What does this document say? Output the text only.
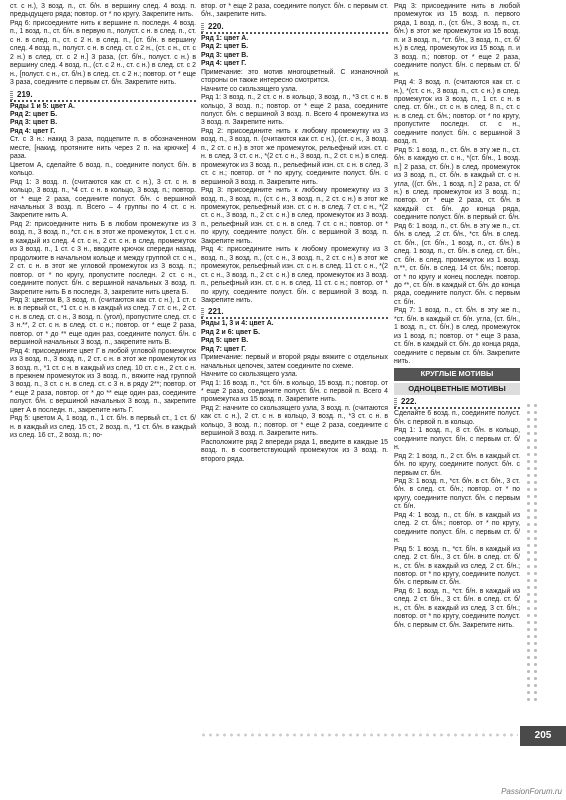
ст. с н.), 3 возд. п., ст. б/н. в вершину след. 4 возд. п. предыдущего ряда; повтор. от * по кругу. Закрепите нить.

Ряд 6: присоедините нить к вершине п. последн. 4 возд. п., 1 возд. п., ст. б/н. в первую п., полуст. с н. в след. п., ст. с н. в след. п., ст. с 2 н. в след. п., [ст. б/н. в вершину след. 4 возд. п., полуст. с н. в след. ст. с 2 н., (ст. с н., ст. с 2 н.) в след. ст. с 2 н.] 3 раза, (ст. б/н., полуст. с н.) в вершину след. 4 возд. п., (ст. с 2 н., ст. с н.) в след. ст. с 2 н., [полуст. с н., ст. б/н.) в след. ст. с 2 н.; повтор. от * еще 3 раза, соедините с первым ст. б/н. Закрепите нить.

219.

Ряды 1 и 5: цвет А.

Ряд 2: цвет Б.

Ряд 3: цвет В.

Ряд 4: цвет Г.

Ст. с 3 н.: накид 3 раза, подцепите п. в обозначенном месте, [накид, протяните нить через 2 п. на крючке] 4 раза.

Цветом А, сделайте 6 возд. п., соедините полуст. б/н. в кольцо.

Ряд 1: 3 возд. п. (считаются как ст. с н.), 3 ст. с н. в кольцо, 3 возд. п., *4 ст. с н. в кольцо, 3 возд. п.; повтор. от * еще 2 раза, соедините полуст. б/н. с вершиной начальных 3 возд. п. Всего – 4 группы по 4 ст. с н. Закрепите нить А.

Ряд 2: присоедините нить Б в любом промежутке из 3 возд. п., 3 возд. п., *ст. с н. в этот же промежуток, 1 ст. с н. в каждый из след. 4 ст. с н., 2 ст. с н. в след. промежуток из 3 возд. п., 1 ст. с 3 н., вводите крючок спереди назад, продолжите в начальном кольце и между группой ст. с н., 2 ст. с н. в этот же угловой промежуток из 3 возд. п.; повтор. от * по кругу, пропустите последн. 2 ст. с н., соедините полуст. б/н. с вершиной начальных 3 возд. п. Закрепите нить Б в последн. 3, закрепите нить цвета Б.

Ряд 3: цветом В, 3 возд. п. (считаются как ст. с н.), 1 ст. с н. в первый ст., *1 ст. с н. в каждый из след. 7 ст. с н., 2 ст. с н. в след. ст. с н., 3 возд. п. (угол), пропустите след. ст. с 3 н.**, 2 ст. с н. в след. ст. с н.; повтор. от * еще 2 раза, повтор. от * до ** еще один раз, соедините полуст. б/н. с вершиной начальных 3 возд. п., закрепите нить В.

Ряд 4: присоедините цвет Г в любой угловой промежуток из 3 возд. п., 3 возд. п., 2 ст. с н. в этот же промежуток из 3 возд. п., *1 ст. с н. в каждый из след. 10 ст. с н., 2 ст. с н. в прежнем промежуток из 3 возд. п., вяжите над группой 3 возд. п., 3 ст. с н. в след. ст. с 3 н. в ряду 2**; повтор. от * еще 2 раза, повтор. от * до ** еще один раз, соедините полуст. б/н. с вершиной начальных 3 возд. п., закрепите цвет А в последн. п., закрепите нить Г.

Ряд 5: цветом А, 1 возд. п., 1 ст. б/н. в первый ст., 1 ст. б/н. в каждый из след. 15 ст., 2 возд. п., *1 ст. б/н. в каждый из след. 16 ст., 2 возд. п.; по-

втор. от * еще 2 раза, соедините полуст. б/н. с первым ст. б/н., закрепите нить.

220.

Ряд 1: цвет А.

Ряд 2: цвет Б.

Ряд 3: цвет В.

Ряд 4: цвет Г.

Примечание: это мотив многоцветный. С изнаночной стороны он также интересно смотрится.

Начните со скользящего узла.

Ряд 1: 3 возд. п., 2 ст. с н. в кольцо, 3 возд. п., *3 ст. с н. в кольцо, 3 возд. п.; повтор. от * еще 2 раза, соедините полуст. б/н. с вершиной 3 возд. п. Всего 4 промежутка из 3 возд. п. Закрепите нить.

Ряд 2: присоедините нить к любому промежутку из 3 возд. п., 3 возд. п. (считаются как ст. с н.), (ст. с н., 3 возд. п., 2 ст. с н.) в этот же промежуток, рельефный изн. ст. с н. в след. 3 ст. с н., *(2 ст. с н., 3 возд. п., 2 ст. с н.) в след. промежуток из 3 возд. п., рельефный изн. ст. с н. в след. 3 ст. с н.; повтор. от * по кругу, соедините полуст. б/н. с вершиной 3 возд. п. Закрепите нить.

Ряд 3: присоедините нить к любому промежутку из 3 возд. п., 3 возд. п., (ст. с н., 3 возд. п., 2 ст. с н.) в этот же промежуток, рельефный изн. ст. с н. в след. 7 ст. с н., *(2 ст. с н., 3 возд. п., 2 ст. с н.) в след. промежуток из 3 возд. п., рельефный изн. ст. с н. в след. 7 ст. с н.; повтор. от * по кругу, соедините полуст. б/н. с вершиной 3 возд. п. Закрепите нить.

Ряд 4: присоедините нить к любому промежутку из 3 возд. п., 3 возд. п., (ст. с н., 3 возд. п., 2 ст. с н.) в этот же промежуток, рельефный изн. ст. с н. в след. 11 ст. с н., *(2 ст. с н., 3 возд. п., 2 ст. с н.) в след. промежуток из 3 возд. п., рельефный изн. ст. с н. в след. 11 ст. с н.; повтор. от * по кругу, соедините полуст. б/н. с вершиной 3 возд. п. Закрепите нить.

221.

Ряды 1, 3 и 4: цвет А.

Ряд 2 и 6: цвет Б.

Ряд 5: цвет В.

Ряд 7: цвет Г.

Примечание: первый и второй ряды вяжите с отдельных начальных цепочек, затем соедините по схеме.

Начните со скользящего узла.

Ряд 1: 16 возд. п., *ст. б/н. в кольцо, 15 возд. п.; повтор. от * еще 2 раза, соедините полуст. б/н. с первой п. Всего 4 промежутка из 15 возд. п. Закрепите нить.

Ряд 2: начните со скользящего узла, 3 возд. п. (считаются как ст. с н.), 2 ст. с н. в кольцо, 3 возд. п., *3 ст. с н. в кольцо, 3 возд. п.; повтор. от * еще 2 раза, соедините с вершиной 3 возд. п. Закрепите нить.

Расположите ряд 2 впереди ряда 1, введите в каждые 15 возд. п. в соответствующий промежуток из 3 возд. п. второго ряда.

Ряд 3: присоедините нить в любой промежуток из 15 возд. п. первого ряда, 1 возд. п., (ст. б/н., 3 возд. п., ст. б/н.) в этот же промежуток из 15 возд. п. и 3 возд. п., *ст. б/н., 3 возд. п., ст. б/н.) в след. промежуток из 15 возд. п. и 3 возд. п.; повтор. от * еще 2 раза, соедините полуст. б/н. с первым ст. б/н.

Ряд 4: 3 возд. п. (считаются как ст. с н.), *(ст. с н., 3 возд. п., ст. с н.) в след. промежуток из 3 возд. п., 1 ст. с н. в след. ст. б/н., ст. с н. в след. 8 п., ст. с н. в след. ст. б/н.; повтор. от * по кругу, пропустите последн. ст. с н., соедините полуст. б/н. с вершиной 3 возд. п.

Ряд 5: 1 возд. п., ст. б/н. в эту же п., ст. б/н. в каждую ст. с н., *(ст. б/н., 1 возд. п.] 2 раза, ст. б/н.) в след. промежуток из 3 возд. п., ст. б/н. в каждый ст. с н. угла, ((ст. б/н., 1 возд. п.] 2 раза, ст. б/н.) в след. промежуток из 3 возд. п.; повтор. от * еще 2 раза, ст. б/н. в каждый ст. б/н. до конца ряда, соедините полуст. б/н. в первый ст. б/н.

Ряд 6: 1 возд. п., ст. б/н. в эту же п., ст. б/н. в след. .2 ст. б/н., *ст. б/н. в след. ст. б/н., (ст. б/н., 1 возд. п., ст. б/н.) в след. 1 возд. п., ст. б/н. в след. ст. б/н., ст. б/н. в след. промежуток из 1 возд. п.**, ст. б/н. в след. 14 ст. б/н.; повтор. от * по кругу и конец последн. повтор. до **, ст. б/н. в каждый ст. б/н. до конца ряда, соедините полуст. б/н. с первым ст. б/н.

Ряд 7: 1 возд. п., ст. б/н. в эту же п., *ст. б/н. в каждый ст. б/н. угла, (ст. б/н., 1 возд. п., ст. б/н.) в след. промежуток из 1 возд. п.; повтор. от * еще 3 раза, ст. б/н. в каждый ст. б/н. до конца ряда, соедините с первым ст. б/н. Закрепите нить.

КРУГЛЫЕ МОТИВЫ
ОДНОЦВЕТНЫЕ МОТИВЫ
222.

Сделайте 6 возд. п., соедините полуст. б/н. с первой п. в кольцо.

Ряд 1: 1 возд. п., 8 ст. б/н. в кольцо, соедините полуст. б/н. с первым ст. б/н.

Ряд 2: 1 возд. п., 2 ст. б/н. в каждый ст. б/н. по кругу, соедините полуст. б/н. с первым ст. б/н.

Ряд 3: 1 возд. п., *ст. б/н. в ст. б/н., 3 ст. б/н. в след. ст. б/н.; повтор. от * по кругу, соедините полуст. б/н. с первым ст. б/н.

Ряд 4: 1 возд. п., ст. б/н. в каждый из след. 2 ст. б/н.; повтор. от * по кругу, соедините полуст. б/н. с первым ст. б/н.

Ряд 5: 1 возд. п., *ст. б/н. в каждый из след. 2 ст. б/н., 3 ст. б/н. в след. ст. б/н., ст. б/н. в каждый из след. 2 ст. б/н.; повтор. от * по кругу, соедините полуст. б/н. с первым ст. б/н.

Ряд 6: 1 возд. п., *ст. б/н. в каждый из след. 2 ст. б/н., 3 ст. б/н. в след. ст. б/н., ст. б/н. в каждый из след. 3 ст. б/н.; повтор. от * по кругу, соедините полуст. б/н. с первым ст. б/н. Закрепите нить.

205
PassionForum.ru
